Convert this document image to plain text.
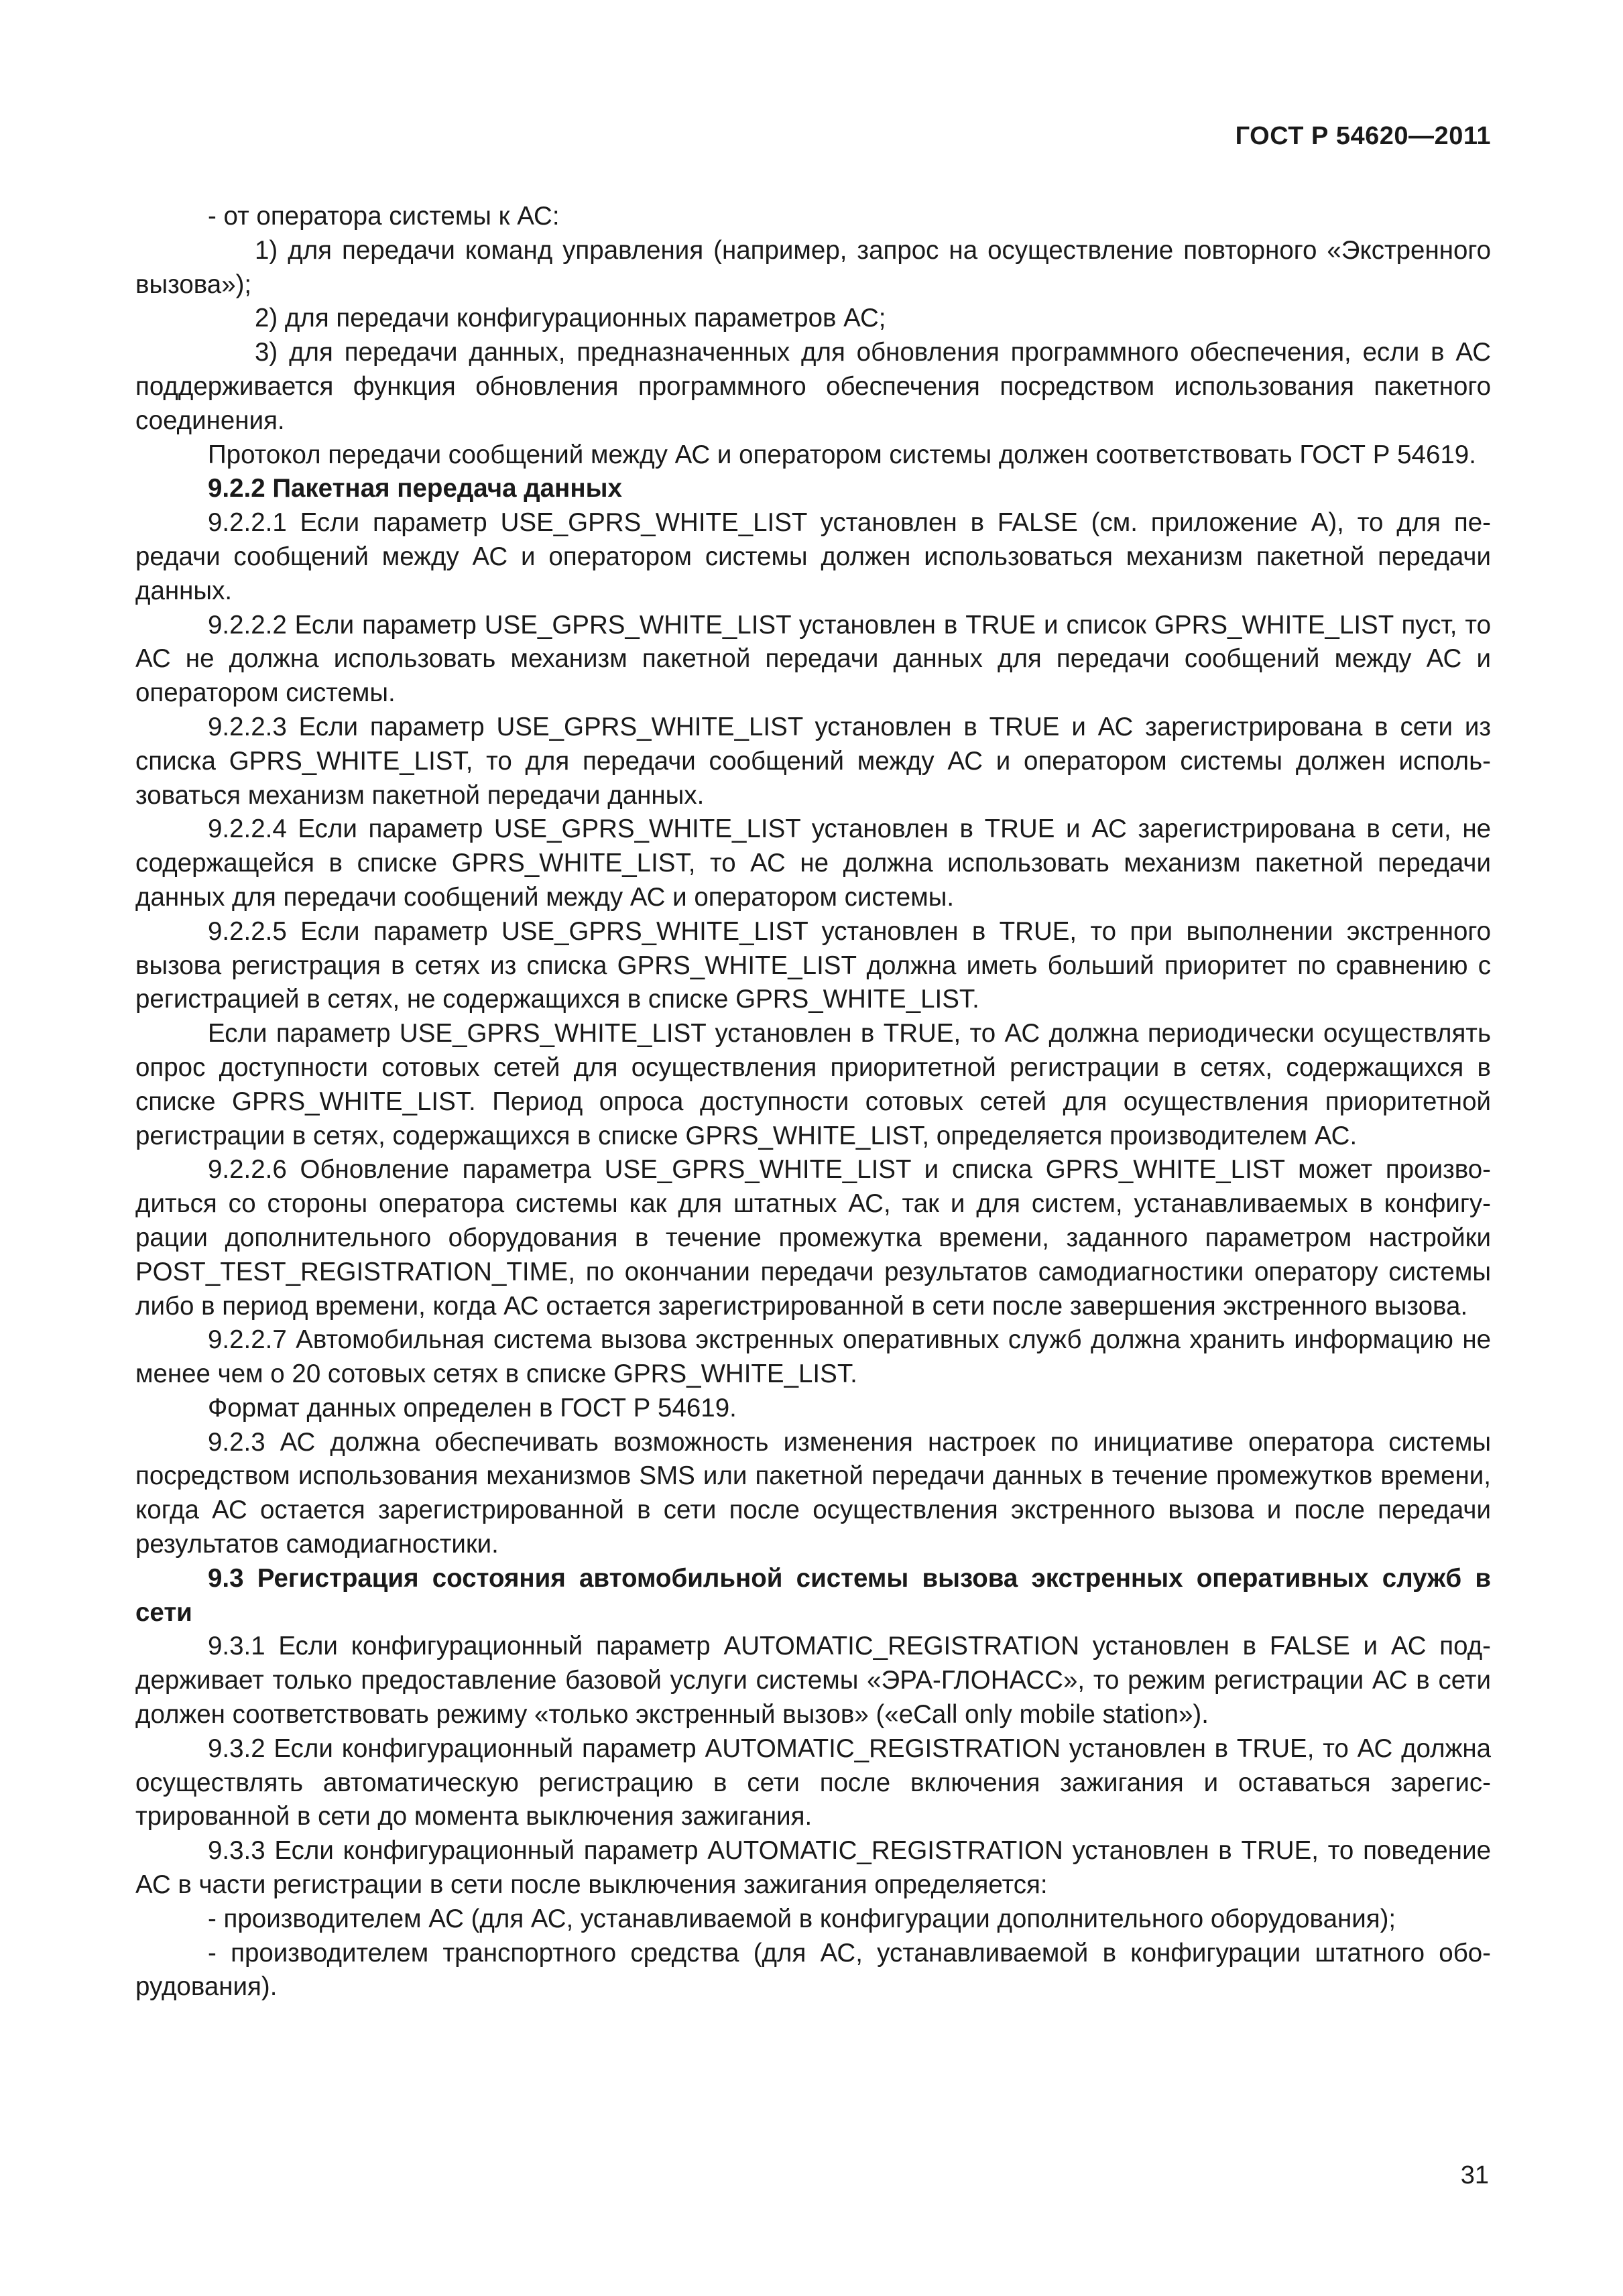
ГОСТ Р 54620—2011

- от оператора системы к АС:

1) для передачи команд управления (например, запрос на осуществление повторного «Экстренного вызова»);

2) для передачи конфигурационных параметров АС;

3) для передачи данных, предназначенных для обновления программного обеспечения, если в АС поддерживается функция обновления программного обеспечения посредством использования пакетного соединения.

Протокол передачи сообщений между АС и оператором системы должен соответствовать ГОСТ Р 54619.

9.2.2 Пакетная передача данных

9.2.2.1 Если параметр USE_GPRS_WHITE_LIST установлен в FALSE (см. приложение А), то для передачи сообщений между АС и оператором системы должен использоваться механизм пакетной передачи данных.

9.2.2.2 Если параметр USE_GPRS_WHITE_LIST установлен в TRUE и список GPRS_WHITE_LIST пуст, то АС не должна использовать механизм пакетной передачи данных для передачи сообщений между АС и оператором системы.

9.2.2.3 Если параметр USE_GPRS_WHITE_LIST установлен в TRUE и АС зарегистрирована в сети из списка GPRS_WHITE_LIST, то для передачи сообщений между АС и оператором системы должен использоваться механизм пакетной передачи данных.

9.2.2.4 Если параметр USE_GPRS_WHITE_LIST установлен в TRUE и АС зарегистрирована в сети, не содержащейся в списке GPRS_WHITE_LIST, то АС не должна использовать механизм пакетной передачи данных для передачи сообщений между АС и оператором системы.

9.2.2.5 Если параметр USE_GPRS_WHITE_LIST установлен в TRUE, то при выполнении экстренного вызова регистрация в сетях из списка GPRS_WHITE_LIST должна иметь больший приоритет по сравнению с регистрацией в сетях, не содержащихся в списке GPRS_WHITE_LIST.

Если параметр USE_GPRS_WHITE_LIST установлен в TRUE, то АС должна периодически осуществлять опрос доступности сотовых сетей для осуществления приоритетной регистрации в сетях, содержащихся в списке GPRS_WHITE_LIST. Период опроса доступности сотовых сетей для осуществления приоритетной регистрации в сетях, содержащихся в списке GPRS_WHITE_LIST, определяется производителем АС.

9.2.2.6 Обновление параметра USE_GPRS_WHITE_LIST и списка GPRS_WHITE_LIST может производиться со стороны оператора системы как для штатных АС, так и для систем, устанавливаемых в конфигурации дополнительного оборудования в течение промежутка времени, заданного параметром настройки POST_TEST_REGISTRATION_TIME, по окончании передачи результатов самодиагностики оператору системы либо в период времени, когда АС остается зарегистрированной в сети после завершения экстренного вызова.

9.2.2.7 Автомобильная система вызова экстренных оперативных служб должна хранить информацию не менее чем о 20 сотовых сетях в списке GPRS_WHITE_LIST.

Формат данных определен в ГОСТ Р 54619.

9.2.3 АС должна обеспечивать возможность изменения настроек по инициативе оператора системы посредством использования механизмов SMS или пакетной передачи данных в течение промежутков времени, когда АС остается зарегистрированной в сети после осуществления экстренного вызова и после передачи результатов самодиагностики.

9.3 Регистрация состояния автомобильной системы вызова экстренных оперативных служб в сети

9.3.1 Если конфигурационный параметр AUTOMATIC_REGISTRATION установлен в FALSE и АС поддерживает только предоставление базовой услуги системы «ЭРА-ГЛОНАСС», то режим регистрации АС в сети должен соответствовать режиму «только экстренный вызов» («eCall only mobile station»).

9.3.2 Если конфигурационный параметр AUTOMATIC_REGISTRATION установлен в TRUE, то АС должна осуществлять автоматическую регистрацию в сети после включения зажигания и оставаться зарегистрированной в сети до момента выключения зажигания.

9.3.3 Если конфигурационный параметр AUTOMATIC_REGISTRATION установлен в TRUE, то поведение АС в части регистрации в сети после выключения зажигания определяется:

- производителем АС (для АС, устанавливаемой в конфигурации дополнительного оборудования);

- производителем транспортного средства (для АС, устанавливаемой в конфигурации штатного оборудования).

31
